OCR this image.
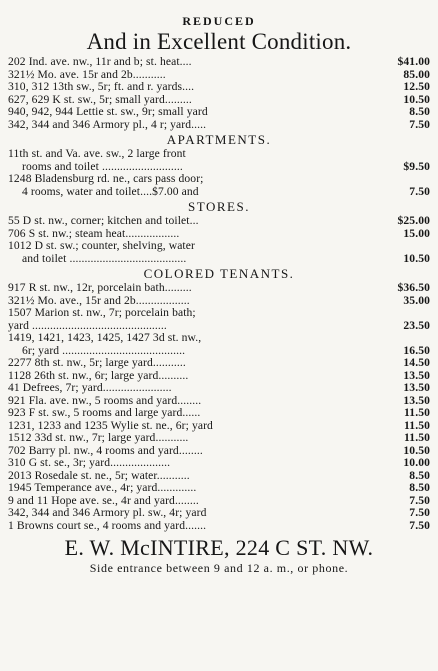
REDUCED
And in Excellent Condition.
202 Ind. ave. nw., 11r and b; st. heat....	$41.00
321½ Mo. ave. 15r and 2b...........	85.00
310, 312 13th sw., 5r; ft. and r. yards....	12.50
627, 629 K st. sw., 5r; small yard.........	10.50
940, 942, 944 Lettie st. sw., 9r; small yard	8.50
342, 344 and 346 Armory pl., 4 r; yard.....	7.50
APARTMENTS.
11th st. and Va. ave. sw., 2 large front
rooms and toilet ...........................	$9.50
1248 Bladensburg rd. ne., cars pass door;
4 rooms, water and toilet....$7.00 and	7.50
STORES.
55 D st. nw., corner; kitchen and toilet...	$25.00
706 S st. nw.; steam heat..................	15.00
1012 D st. sw.; counter, shelving, water
and toilet .......................................	10.50
COLORED TENANTS.
917 R st. nw., 12r, porcelain bath.........	$36.50
321½ Mo. ave., 15r and 2b..................	35.00
1507 Marion st. nw., 7r; porcelain bath;
yard .............................................	23.50
1419, 1421, 1423, 1425, 1427 3d st. nw.,
6r; yard .........................................	16.50
2277 8th st. nw., 5r; large yard...........	14.50
1128 26th st. nw., 6r; large yard..........	13.50
41 Defrees, 7r; yard.......................	13.50
921 Fla. ave. nw., 5 rooms and yard........	13.50
923 F st. sw., 5 rooms and large yard......	11.50
1231, 1233 and 1235 Wylie st. ne., 6r; yard	11.50
1512 33d st. nw., 7r; large yard...........	11.50
702 Barry pl. nw., 4 rooms and yard........	10.50
310 G st. se., 3r; yard....................	10.00
2013 Rosedale st. ne., 5r; water...........	8.50
1945 Temperance ave., 4r; yard.............	8.50
9 and 11 Hope ave. se., 4r and yard........	7.50
342, 344 and 346 Armory pl. sw., 4r; yard	7.50
1 Browns court se., 4 rooms and yard.......	7.50
E. W. McINTIRE, 224 C ST. NW.
Side entrance between 9 and 12 a. m., or phone.
